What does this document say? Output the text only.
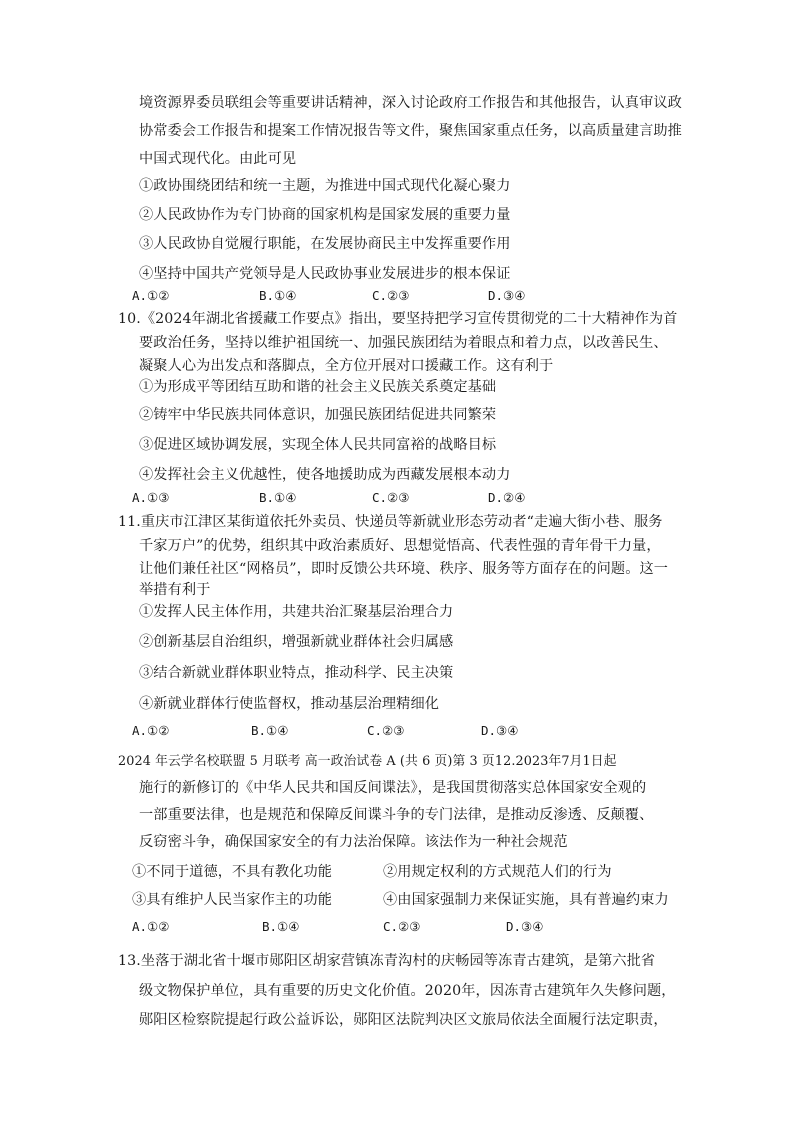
境资源界委员联组会等重要讲话精神，深入讨论政府工作报告和其他报告，认真审议政
协常委会工作报告和提案工作情况报告等文件，聚焦国家重点任务，以高质量建言助推
中国式现代化。由此可见
①政协围绕团结和统一主题，为推进中国式现代化凝心聚力
②人民政协作为专门协商的国家机构是国家发展的重要力量
③人民政协自觉履行职能，在发展协商民主中发挥重要作用
④坚持中国共产党领导是人民政协事业发展进步的根本保证
A.①②	B.①④	C.②③	D.③④
10.《2024年湖北省援藏工作要点》指出，要坚持把学习宣传贯彻党的二十大精神作为首
要政治任务，坚持以维护祖国统一、加强民族团结为着眼点和着力点，以改善民生、
凝聚人心为出发点和落脚点，全方位开展对口援藏工作。这有利于
①为形成平等团结互助和谐的社会主义民族关系奠定基础
②铸牢中华民族共同体意识，加强民族团结促进共同繁荣
③促进区域协调发展，实现全体人民共同富裕的战略目标
④发挥社会主义优越性，使各地援助成为西藏发展根本动力
A.①③	B.①④	C.②③	D.②④
11.重庆市江津区某街道依托外卖员、快递员等新就业形态劳动者“走遍大街小巷、服务
千家万户”的优势，组织其中政治素质好、思想觉悟高、代表性强的青年骨干力量，
让他们兼任社区“网格员”，即时反馈公共环境、秩序、服务等方面存在的问题。这一
举措有利于
①发挥人民主体作用，共建共治汇聚基层治理合力
②创新基层自治组织，增强新就业群体社会归属感
③结合新就业群体职业特点，推动科学、民主决策
④新就业群体行使监督权，推动基层治理精细化
A.①②	B.①④	C.②③	D.③④
2024 年云学名校联盟 5 月联考 高一政治试卷 A (共 6 页)第 3 页12.2023年7月1日起
施行的新修订的《中华人民共和国反间谍法》，是我国贯彻落实总体国家安全观的
一部重要法律，也是规范和保障反间谍斗争的专门法律，是推动反渗透、反颠覆、
反窃密斗争，确保国家安全的有力法治保障。该法作为一种社会规范
①不同于道德，不具有教化功能	②用规定权利的方式规范人们的行为
③具有维护人民当家作主的功能	④由国家强制力来保证实施，具有普遍约束力
A.①②	B.①④	C.②③	D.③④
13.坐落于湖北省十堰市郧阳区胡家营镇冻青沟村的庆畅园等冻青古建筑，是第六批省
级文物保护单位，具有重要的历史文化价值。2020年，因冻青古建筑年久失修问题，
郧阳区检察院提起行政公益诉讼，郧阳区法院判决区文旅局依法全面履行法定职责，
